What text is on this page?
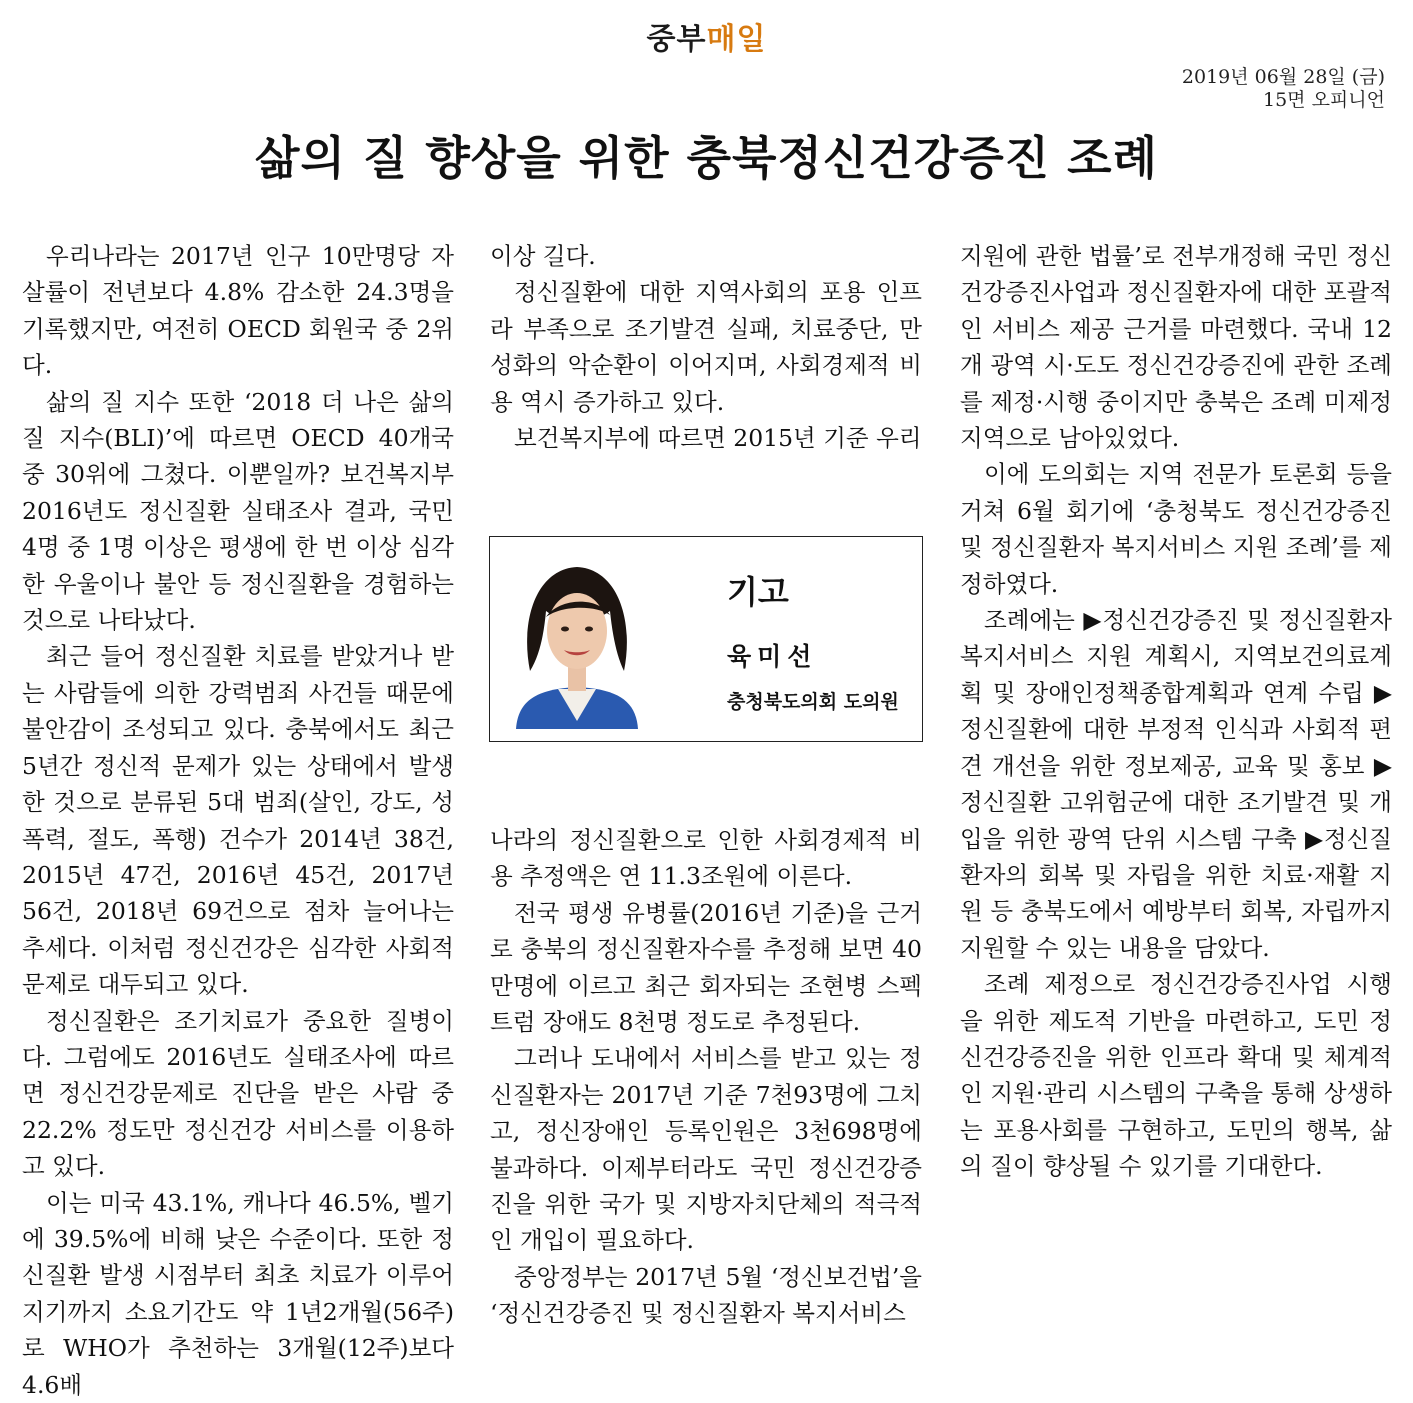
중부매일
2019년 06월 28일 (금)
15면 오피니언
삶의 질 향상을 위한 충북정신건강증진 조례

우리나라는 2017년 인구 10만명당 자살률이 전년보다 4.8% 감소한 24.3명을 기록했지만, 여전히 OECD 회원국 중 2위다.

삶의 질 지수 또한 ‘2018 더 나은 삶의 질 지수(BLI)’에 따르면 OECD 40개국 중 30위에 그쳤다. 이뿐일까? 보건복지부 2016년도 정신질환 실태조사 결과, 국민 4명 중 1명 이상은 평생에 한 번 이상 심각한 우울이나 불안 등 정신질환을 경험하는 것으로 나타났다.

최근 들어 정신질환 치료를 받았거나 받는 사람들에 의한 강력범죄 사건들 때문에 불안감이 조성되고 있다. 충북에서도 최근 5년간 정신적 문제가 있는 상태에서 발생한 것으로 분류된 5대 범죄(살인, 강도, 성폭력, 절도, 폭행) 건수가 2014년 38건, 2015년 47건, 2016년 45건, 2017년 56건, 2018년 69건으로 점차 늘어나는 추세다. 이처럼 정신건강은 심각한 사회적 문제로 대두되고 있다.

정신질환은 조기치료가 중요한 질병이다. 그럼에도 2016년도 실태조사에 따르면 정신건강문제로 진단을 받은 사람 중 22.2% 정도만 정신건강 서비스를 이용하고 있다.

이는 미국 43.1%, 캐나다 46.5%, 벨기에 39.5%에 비해 낮은 수준이다. 또한 정신질환 발생 시점부터 최초 치료가 이루어지기까지 소요기간도 약 1년2개월(56주)로 WHO가 추천하는 3개월(12주)보다 4.6배

이상 길다.

정신질환에 대한 지역사회의 포용 인프라 부족으로 조기발견 실패, 치료중단, 만성화의 악순환이 이어지며, 사회경제적 비용 역시 증가하고 있다.

보건복지부에 따르면 2015년 기준 우리

기고
육미선
충청북도의회 도의원

나라의 정신질환으로 인한 사회경제적 비용 추정액은 연 11.3조원에 이른다.

전국 평생 유병률(2016년 기준)을 근거로 충북의 정신질환자수를 추정해 보면 40만명에 이르고 최근 회자되는 조현병 스펙트럼 장애도 8천명 정도로 추정된다.

그러나 도내에서 서비스를 받고 있는 정신질환자는 2017년 기준 7천93명에 그치고, 정신장애인 등록인원은 3천698명에 불과하다. 이제부터라도 국민 정신건강증진을 위한 국가 및 지방자치단체의 적극적인 개입이 필요하다.

중앙정부는 2017년 5월 ‘정신보건법’을 ‘정신건강증진 및 정신질환자 복지서비스

지원에 관한 법률’로 전부개정해 국민 정신건강증진사업과 정신질환자에 대한 포괄적인 서비스 제공 근거를 마련했다. 국내 12개 광역 시·도도 정신건강증진에 관한 조례를 제정·시행 중이지만 충북은 조례 미제정 지역으로 남아있었다.

이에 도의회는 지역 전문가 토론회 등을 거쳐 6월 회기에 ‘충청북도 정신건강증진 및 정신질환자 복지서비스 지원 조례’를 제정하였다.

조례에는 ▶정신건강증진 및 정신질환자 복지서비스 지원 계획시, 지역보건의료계획 및 장애인정책종합계획과 연계 수립 ▶정신질환에 대한 부정적 인식과 사회적 편견 개선을 위한 정보제공, 교육 및 홍보 ▶정신질환 고위험군에 대한 조기발견 및 개입을 위한 광역 단위 시스템 구축 ▶정신질환자의 회복 및 자립을 위한 치료·재활 지원 등 충북도에서 예방부터 회복, 자립까지 지원할 수 있는 내용을 담았다.

조례 제정으로 정신건강증진사업 시행을 위한 제도적 기반을 마련하고, 도민 정신건강증진을 위한 인프라 확대 및 체계적인 지원·관리 시스템의 구축을 통해 상생하는 포용사회를 구현하고, 도민의 행복, 삶의 질이 향상될 수 있기를 기대한다.
